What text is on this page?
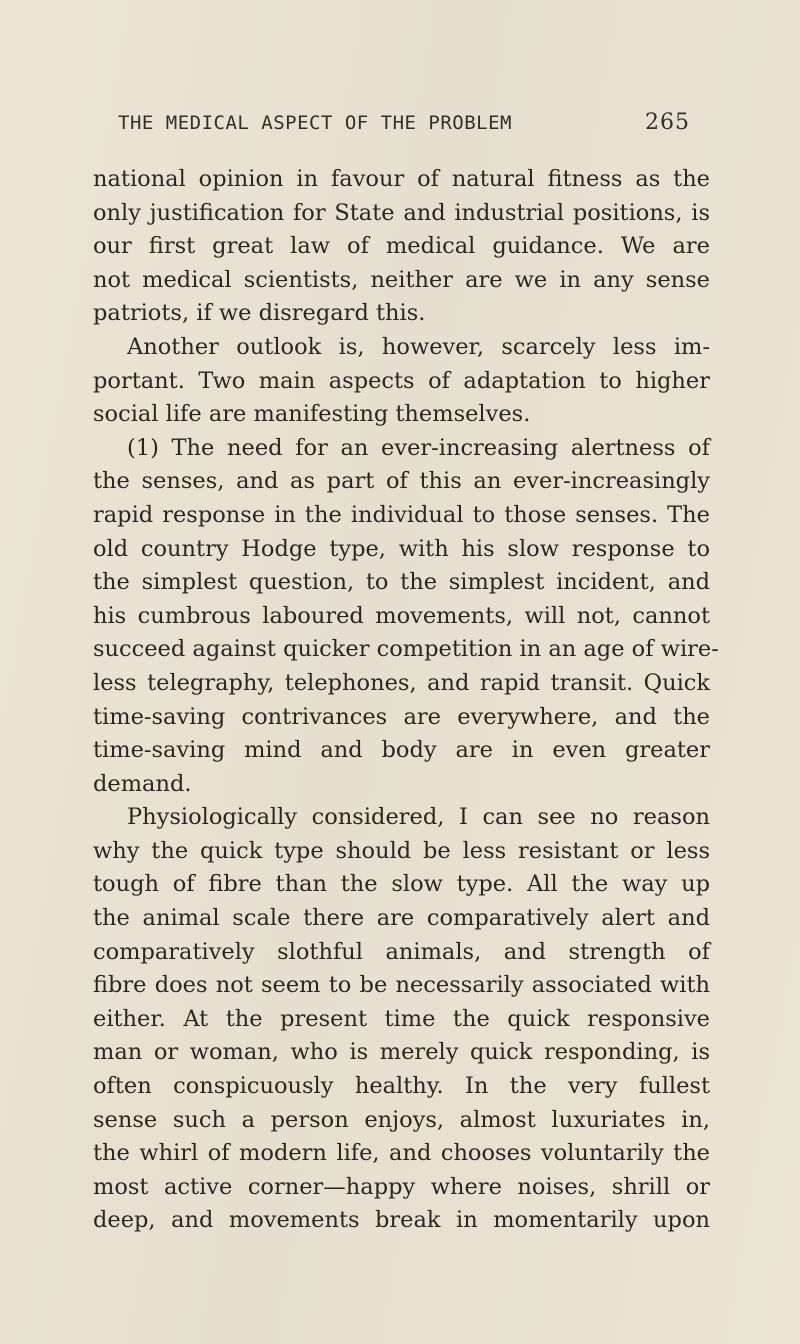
THE MEDICAL ASPECT OF THE PROBLEM	265
national opinion in favour of natural fitness as the
only justification for State and industrial positions, is
our first great law of medical guidance. We are
not medical scientists, neither are we in any sense
patriots, if we disregard this.
Another outlook is, however, scarcely less im-
portant. Two main aspects of adaptation to higher
social life are manifesting themselves.
(1) The need for an ever-increasing alertness of
the senses, and as part of this an ever-increasingly
rapid response in the individual to those senses. The
old country Hodge type, with his slow response to
the simplest question, to the simplest incident, and
his cumbrous laboured movements, will not, cannot
succeed against quicker competition in an age of wire-
less telegraphy, telephones, and rapid transit. Quick
time-saving contrivances are everywhere, and the
time-saving mind and body are in even greater
demand.
Physiologically considered, I can see no reason
why the quick type should be less resistant or less
tough of fibre than the slow type. All the way up
the animal scale there are comparatively alert and
comparatively slothful animals, and strength of
fibre does not seem to be necessarily associated with
either. At the present time the quick responsive
man or woman, who is merely quick responding, is
often conspicuously healthy. In the very fullest
sense such a person enjoys, almost luxuriates in,
the whirl of modern life, and chooses voluntarily the
most active corner—happy where noises, shrill or
deep, and movements break in momentarily upon
